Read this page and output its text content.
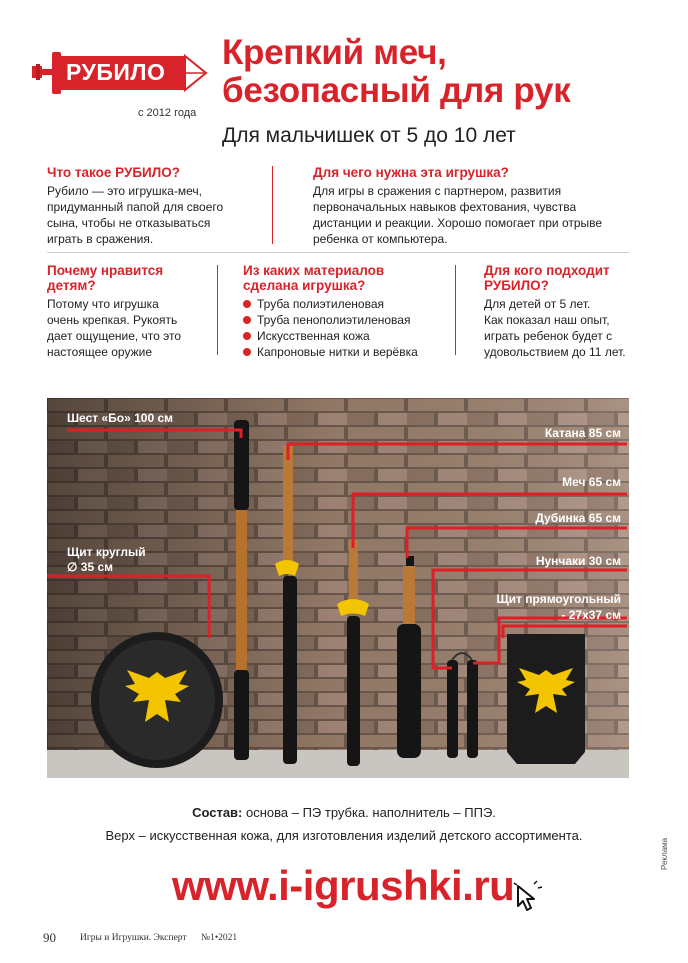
РУБИЛО
с 2012 года
Крепкий меч,
безопасный для рук
Для мальчишек от 5 до 10 лет
Что такое РУБИЛО?
Рубило — это игрушка-меч,
придуманный папой для своего
сына, чтобы не отказываться
играть в сражения.
Для чего нужна эта игрушка?
Для игры в сражения с партнером, развития
первоначальных навыков фехтования, чувства
дистанции и реакции. Хорошо помогает при отрыве
ребенка от компьютера.
Почему нравится
детям?
Потому что игрушка
очень крепкая. Рукоять
дает ощущение, что это
настоящее оружие
Из каких материалов
сделана игрушка?
Труба полиэтиленовая
Труба пенополиэтиленовая
Искусственная кожа
Капроновые нитки и верёвка
Для кого подходит
РУБИЛО?
Для детей от 5 лет.
Как показал наш опыт,
играть ребенок будет с
удовольствием до 11 лет.
Шест «Бо» 100 см
Катана 85 см
Меч 65 см
Дубинка 65 см
Щит круглый
∅ 35 см	Нунчаки 30 см
Щит прямоугольный
- 27х37 см
Состав: основа – ПЭ трубка. наполнитель – ППЭ.
Верх – искусственная кожа, для изготовления изделий детского ассортимента.
www.i-igrushki.ru
Реклама
90	Игры и Игрушки. Эксперт №1•2021
